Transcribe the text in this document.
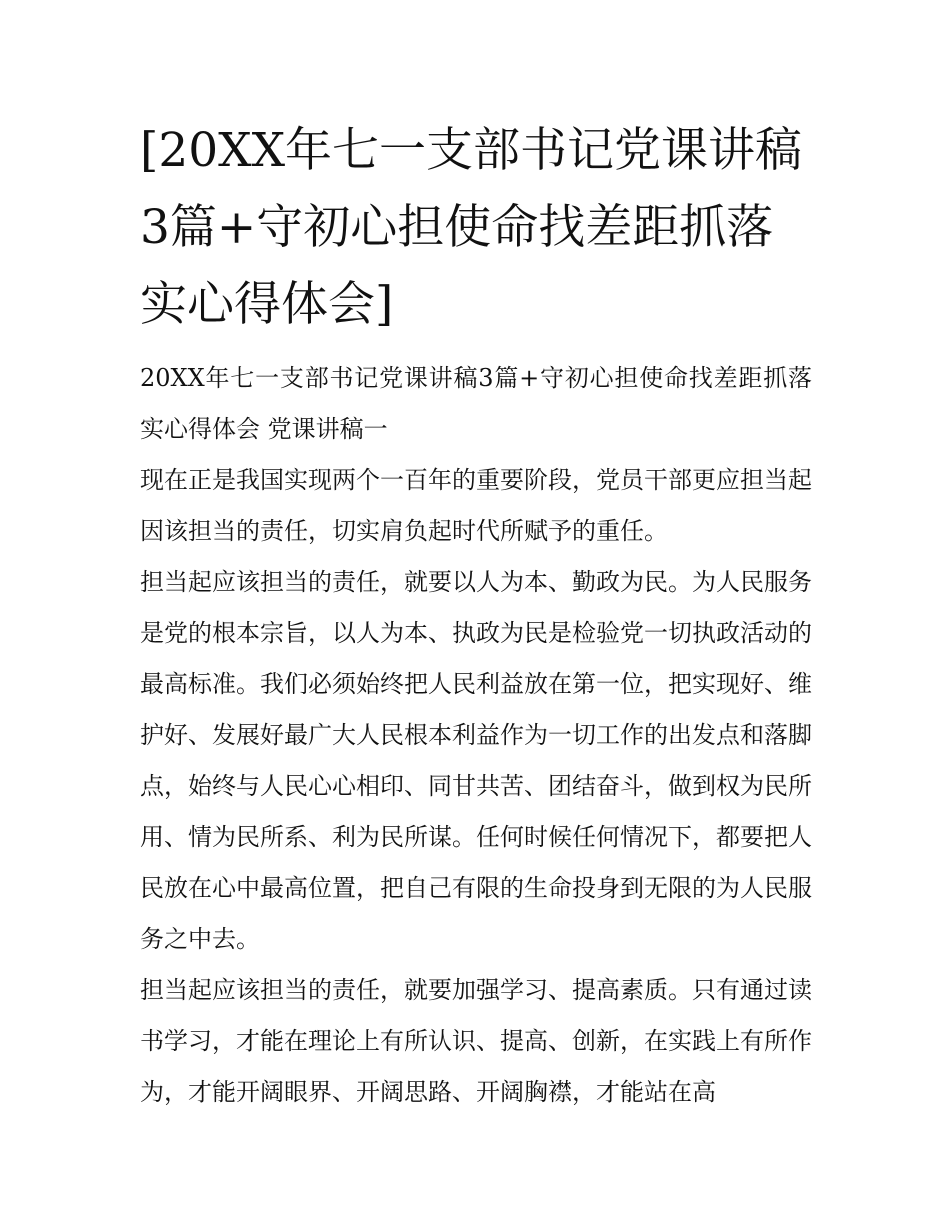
[20XX年七一支部书记党课讲稿3篇+守初心担使命找差距抓落实心得体会]

20XX年七一支部书记党课讲稿3篇+守初心担使命找差距抓落实心得体会 党课讲稿一

现在正是我国实现两个一百年的重要阶段，党员干部更应担当起因该担当的责任，切实肩负起时代所赋予的重任。

担当起应该担当的责任，就要以人为本、勤政为民。为人民服务是党的根本宗旨，以人为本、执政为民是检验党一切执政活动的最高标准。我们必须始终把人民利益放在第一位，把实现好、维护好、发展好最广大人民根本利益作为一切工作的出发点和落脚点，始终与人民心心相印、同甘共苦、团结奋斗，做到权为民所用、情为民所系、利为民所谋。任何时候任何情况下，都要把人民放在心中最高位置，把自己有限的生命投身到无限的为人民服务之中去。

担当起应该担当的责任，就要加强学习、提高素质。只有通过读书学习，才能在理论上有所认识、提高、创新，在实践上有所作为，才能开阔眼界、开阔思路、开阔胸襟，才能站在高
